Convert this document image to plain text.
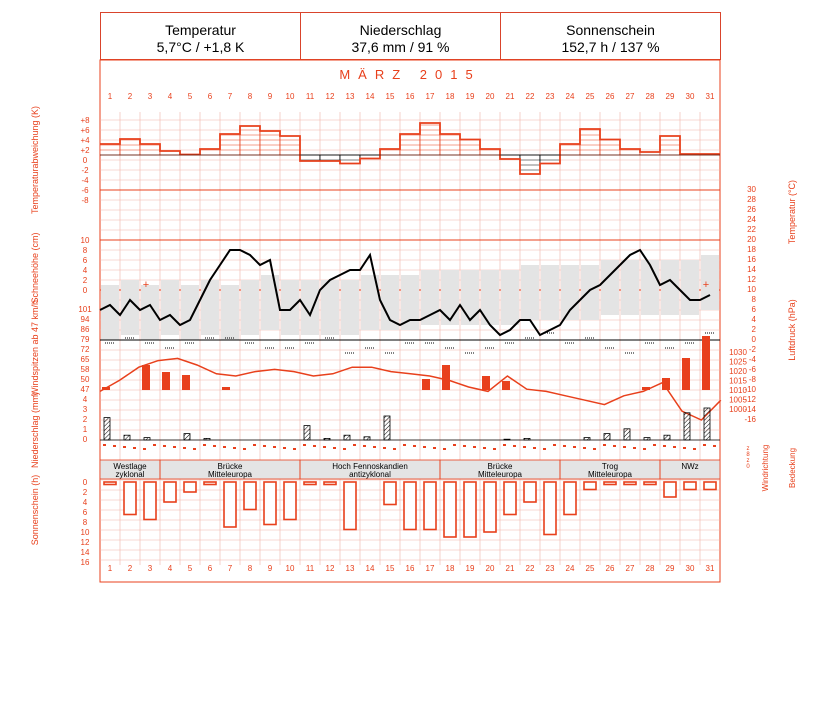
Temperatur
5,7°C / +1,8 K
Niederschlag
37,6 mm / 91 %
Sonnenschein
152,7 h / 137 %
MÄRZ 2015
1 2 3 4 5 6 7 8 9 10 11 12 13 14 15 16 17 18 19 20 21 22 23 24 25 26 27 28 29 30 31
1 2 3 4 5 6 7 8 9 10 11 12 13 14 15 16 17 18 19 20 21 22 23 24 25 26 27 28 29 30 31
+8
+6
+4
+2
0
-2
-4
-6
-8
Temperaturabweichung (K)	30
28
26
24
22
20
18
16
14
12
10
8
6
4
2
0
-2
-4
-6
-8
-10
-12
-14
-16
Temperatur (°C)
10
8
6
4
2
0
Schneehöhe (cm)	+	+
101
94
86
79
72
65
58
50
47
Windspitzen ab 47 km/h	1030
1025
1020
1015
1010
1005
1000
Luftdruck (hPa)
4
3
2
1
0
Niederschlag (mm)	Windrichtung Bedeckung
z
8
z
0
Westlage
zyklonal
Brücke
Mitteleuropa
Hoch Fennoskandien
antizyklonal
Brücke
Mitteleuropa
Trog
Mitteleuropa
NWz
0
2
4
6
8
10
12
14
16
Sonnenschein (h)
